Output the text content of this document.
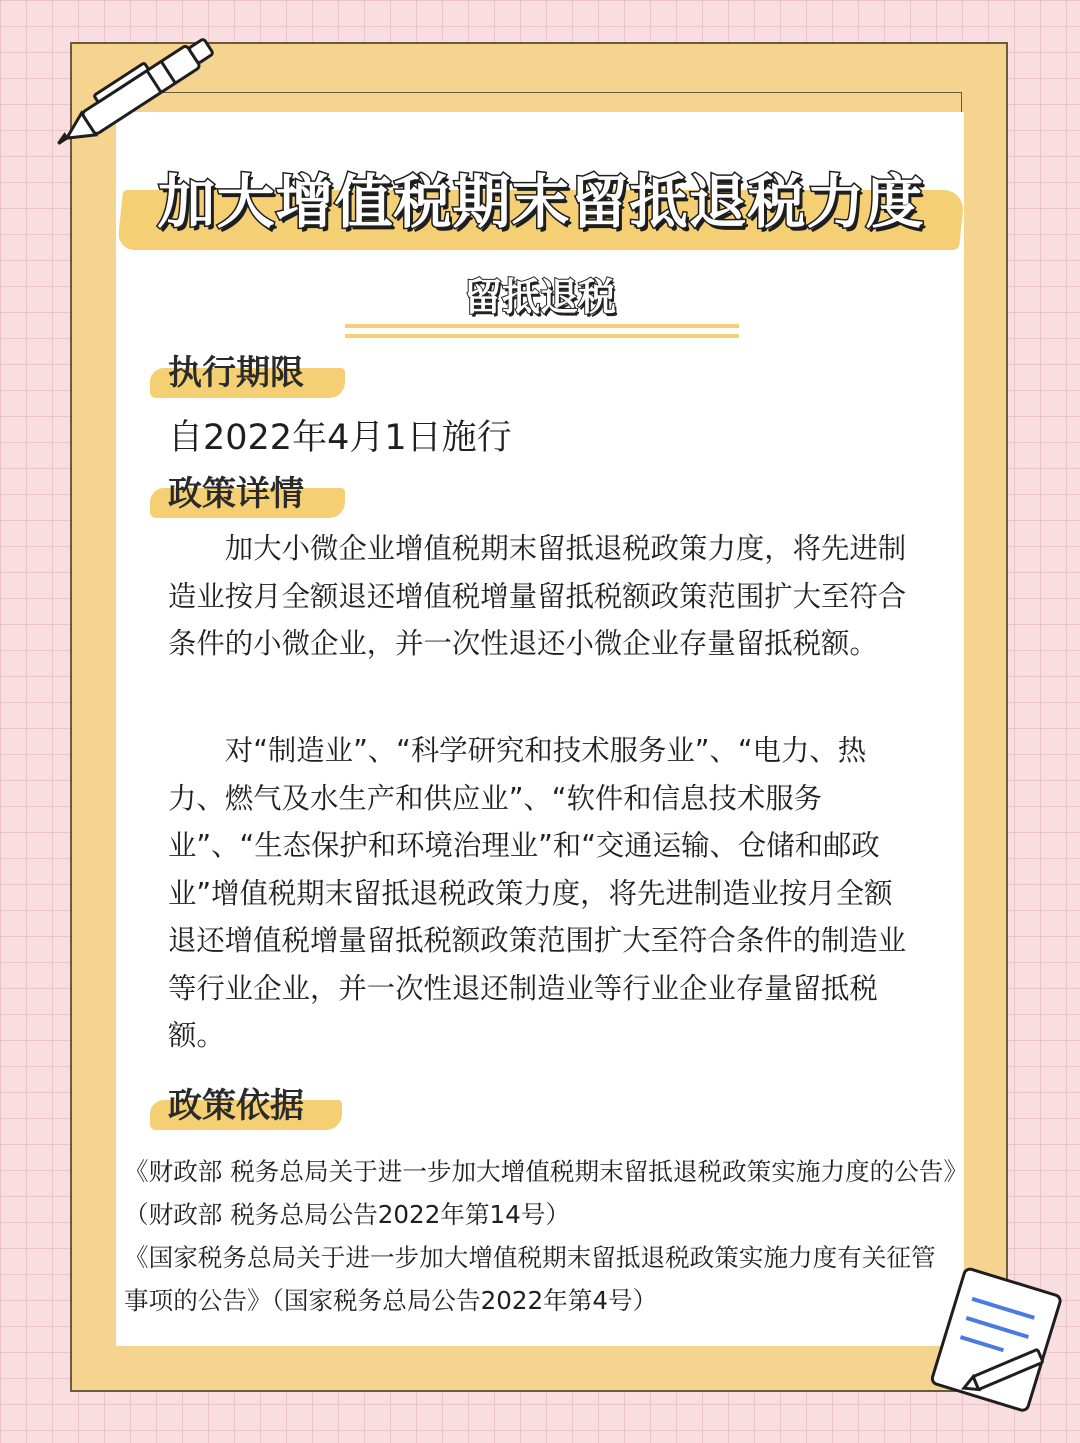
加大增值税期末留抵退税力度
留抵退税
执行期限
自2022年4月1日施行
政策详情
加大小微企业增值税期末留抵退税政策力度，将先进制造业按月全额退还增值税增量留抵税额政策范围扩大至符合条件的小微企业，并一次性退还小微企业存量留抵税额。
对“制造业”、“科学研究和技术服务业”、“电力、热力、燃气及水生产和供应业”、“软件和信息技术服务业”、“生态保护和环境治理业”和“交通运输、仓储和邮政业”增值税期末留抵退税政策力度，将先进制造业按月全额退还增值税增量留抵税额政策范围扩大至符合条件的制造业等行业企业，并一次性退还制造业等行业企业存量留抵税额。
政策依据
《财政部 税务总局关于进一步加大增值税期末留抵退税政策实施力度的公告》（财政部 税务总局公告2022年第14号）
《国家税务总局关于进一步加大增值税期末留抵退税政策实施力度有关征管事项的公告》（国家税务总局公告2022年第4号）
